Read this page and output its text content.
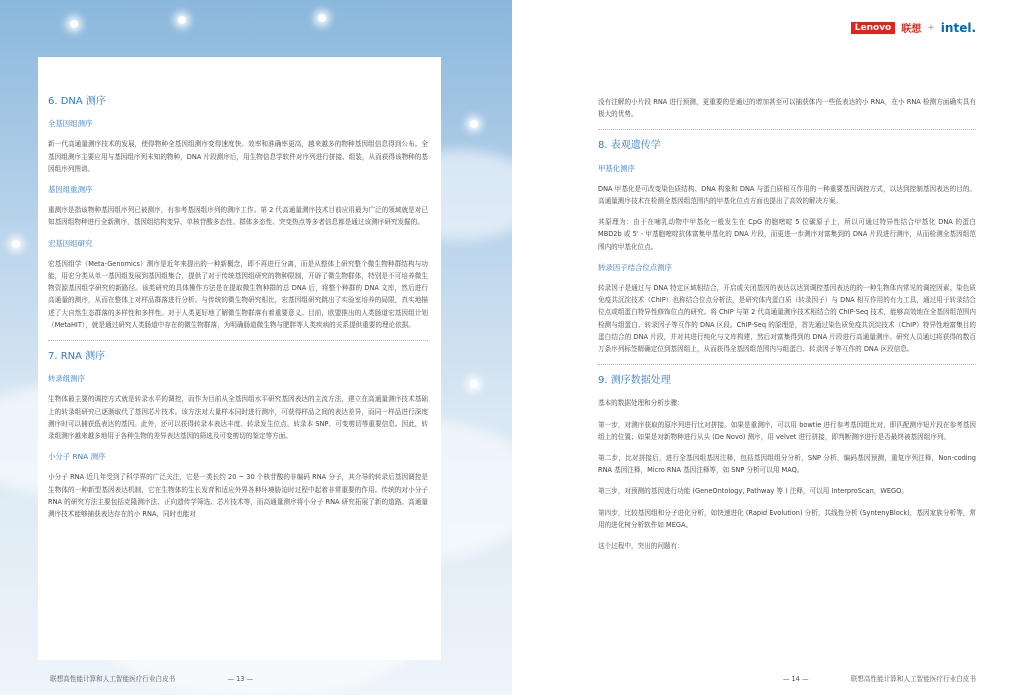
Lenovo	联想 + intel.
6. DNA 测序
全基因组测序

新一代高通量测序技术的发展，使得物种全基因组测序变得速度快、效率和准确率更高，越来越多的物种基因组信息得到公布。全基因组测序主要应用与基因组序列未知的物种，DNA 片段测序后，用生物信息学软件对序列进行拼接、组装，从而获得该物种的基因组序列图谱。

基因组重测序

重测序是指该物种基因组序列已被测序，有参考基因组序列的测序工作。第 2 代高通量测序技术目前应用最为广泛的领域就是对已知基因组物种进行全新测序，基因组结构变异、单核苷酸多态性、群体多态性、突变热点等多者信息都是通过该测序研究发掘的。

宏基因组研究

宏基因组学（Meta-Genomics）测序是近年来提出的一种新概念，即不再进行分离，而是从整体上研究整个微生物种群结构与功能，用宏分类从单一基因组发展到基因组集合，提供了对于传统基因组研究的物种限制，开辟了微生物群体，特别是不可培养微生物资源基因组学研究的新路径。该类研究的具体操作方法是在提取微生物种群的总 DNA 后，将整个种群的 DNA 文库，然后进行高通量的测序，从而在整体上对样品群落进行分析。与传统的微生物研究相比，宏基因组研究跳出了实验室培养的局限，真实地描述了大自然生态群落的多样性和多样性。对于人类更好地了解微生物群落有着重要意义。目前，欧盟推出的人类肠道宏基因组计划（MetaHIT），就是通过研究人类肠道中存在的微生物群落，为明确肠道微生物与肥胖等人类疾病的关系提供重要的理论依据。

7. RNA 测序
转录组测序

生物体最主要的调控方式就是转录水平的调控，而作为目前从全基因组水平研究基因表达的主流方法，建立在高通量测序技术基础上的转录组研究已逐渐取代了基因芯片技术。该方法对大量样本同时进行测序，可获得样品之间的表达差异，而同一样品进行深度测序时可以捕获低表达的基因。此外，还可以获得转录本表达丰度、转录发生位点、转录本 SNP、可变剪切等重要信息。因此，转录组测序越来越多地用于各种生物的差异表达基因的筛选及可变剪切的鉴定等方面。

小分子 RNA 测序

小分子 RNA 近几年受到了科学界的广泛关注，它是一类长约 20 ~ 30 个核苷酸的非编码 RNA 分子，其介导的转录后基因调控是生物体的一种新型基因表达机制，它在生物体的生长发育和适应外界各种环境胁迫时过程中起着非常重要的作用。传统的对小分子 RNA 的研究方法主要包括克隆测序法、正向遗传学筛选、芯片技术等，而高通量测序将小分子 RNA 研究拓展了新的道路。高通量测序技术能够捕获表达存在的小 RNA，同时也能对

联想高性能计算和人工智能医疗行业白皮书	— 13 —

没有注解的小片段 RNA 进行预测，更重要的是通过的增加甚至可以捕获体内一些低表达的小 RNA，在小 RNA 检测方面确实具有极大的优势。

8. 表观遗传学
甲基化测序

DNA 甲基化是可改变染色质结构、DNA 构象和 DNA 与蛋白质相互作用的一种重要基因调控方式，以达到控制基因表达的目的。高通量测序技术在检测全基因组范围内的甲基化位点方面也提出了高效的解决方案。

其原理为：由于在哺乳动物中甲基化一般发生在 CpG 的胞嘧啶 5 位碳原子上，所以可通过特异性结合甲基化 DNA 的蛋白 MBD2b 或 5' - 甲基胞嘧啶抗体富集甲基化的 DNA 片段，而更进一步测序对富集到的 DNA 片段进行测序，从而检测全基因组范围内的甲基化位点。

转录因子结合位点测序

转录因子是通过与 DNA 特定区域相结合，开启或关闭基因的表达以达到调控基因表达的的一种生物体内常见的调控因素。染色质免疫共沉淀技术（ChIP）也称结合位点分析法，是研究体内蛋白质（转录因子）与 DNA 相互作用的有力工具，通过用于转录结合位点或组蛋白特异性修饰位点的研究。将 ChIP 与第 2 代高通量测序技术相结合的 ChIP-Seq 技术，能够高效地在全基因组范围内检测与组蛋白、转录因子等互作的 DNA 区段。ChIP-Seq 的原理是，首先通过染色质免疫共沉淀技术（ChIP）特异性地富集目的蛋白结合的 DNA 片段，并对其进行纯化与文库构建，然后对富集得到的 DNA 片段进行高通量测序。研究人员通过将获得的数百万条序列标签精确定位到基因组上，从而获得全基因组范围内与组蛋白、转录因子等互作的 DNA 区段信息。

9. 测序数据处理

基本的数据处理和分析步骤：

第一步，对测序获取的原序列进行比对拼接。如果是重测序，可以用 bowtie 进行参考基因组比对，即匹配测序短片段在参考基因组上的位置；如果是对新物种进行从头 (De Novo) 测序，用 velvet 进行拼接，即判断测序进行是否最终被基因组序列。

第二步，比对拼接后，进行全基因组基因注释，包括基因组组分分析，SNP 分析，编码基因预测，重复序列注释，Non-coding RNA 基因注释，Micro RNA 基因注释等，如 SNP 分析可以用 MAQ。

第三步，对预测的基因进行功能 (GeneOntology, Pathway 等 ) 注释，可以用 InterproScan，WEGO。

第四步，比较基因组和分子进化分析，如快速进化 (Rapid Evolution) 分析，共线性分析 (SyntenyBlock)，基因家族分析等，常用的进化树分析软件如 MEGA。

这个过程中，突出的问题有：

— 14 —	联想高性能计算和人工智能医疗行业白皮书
